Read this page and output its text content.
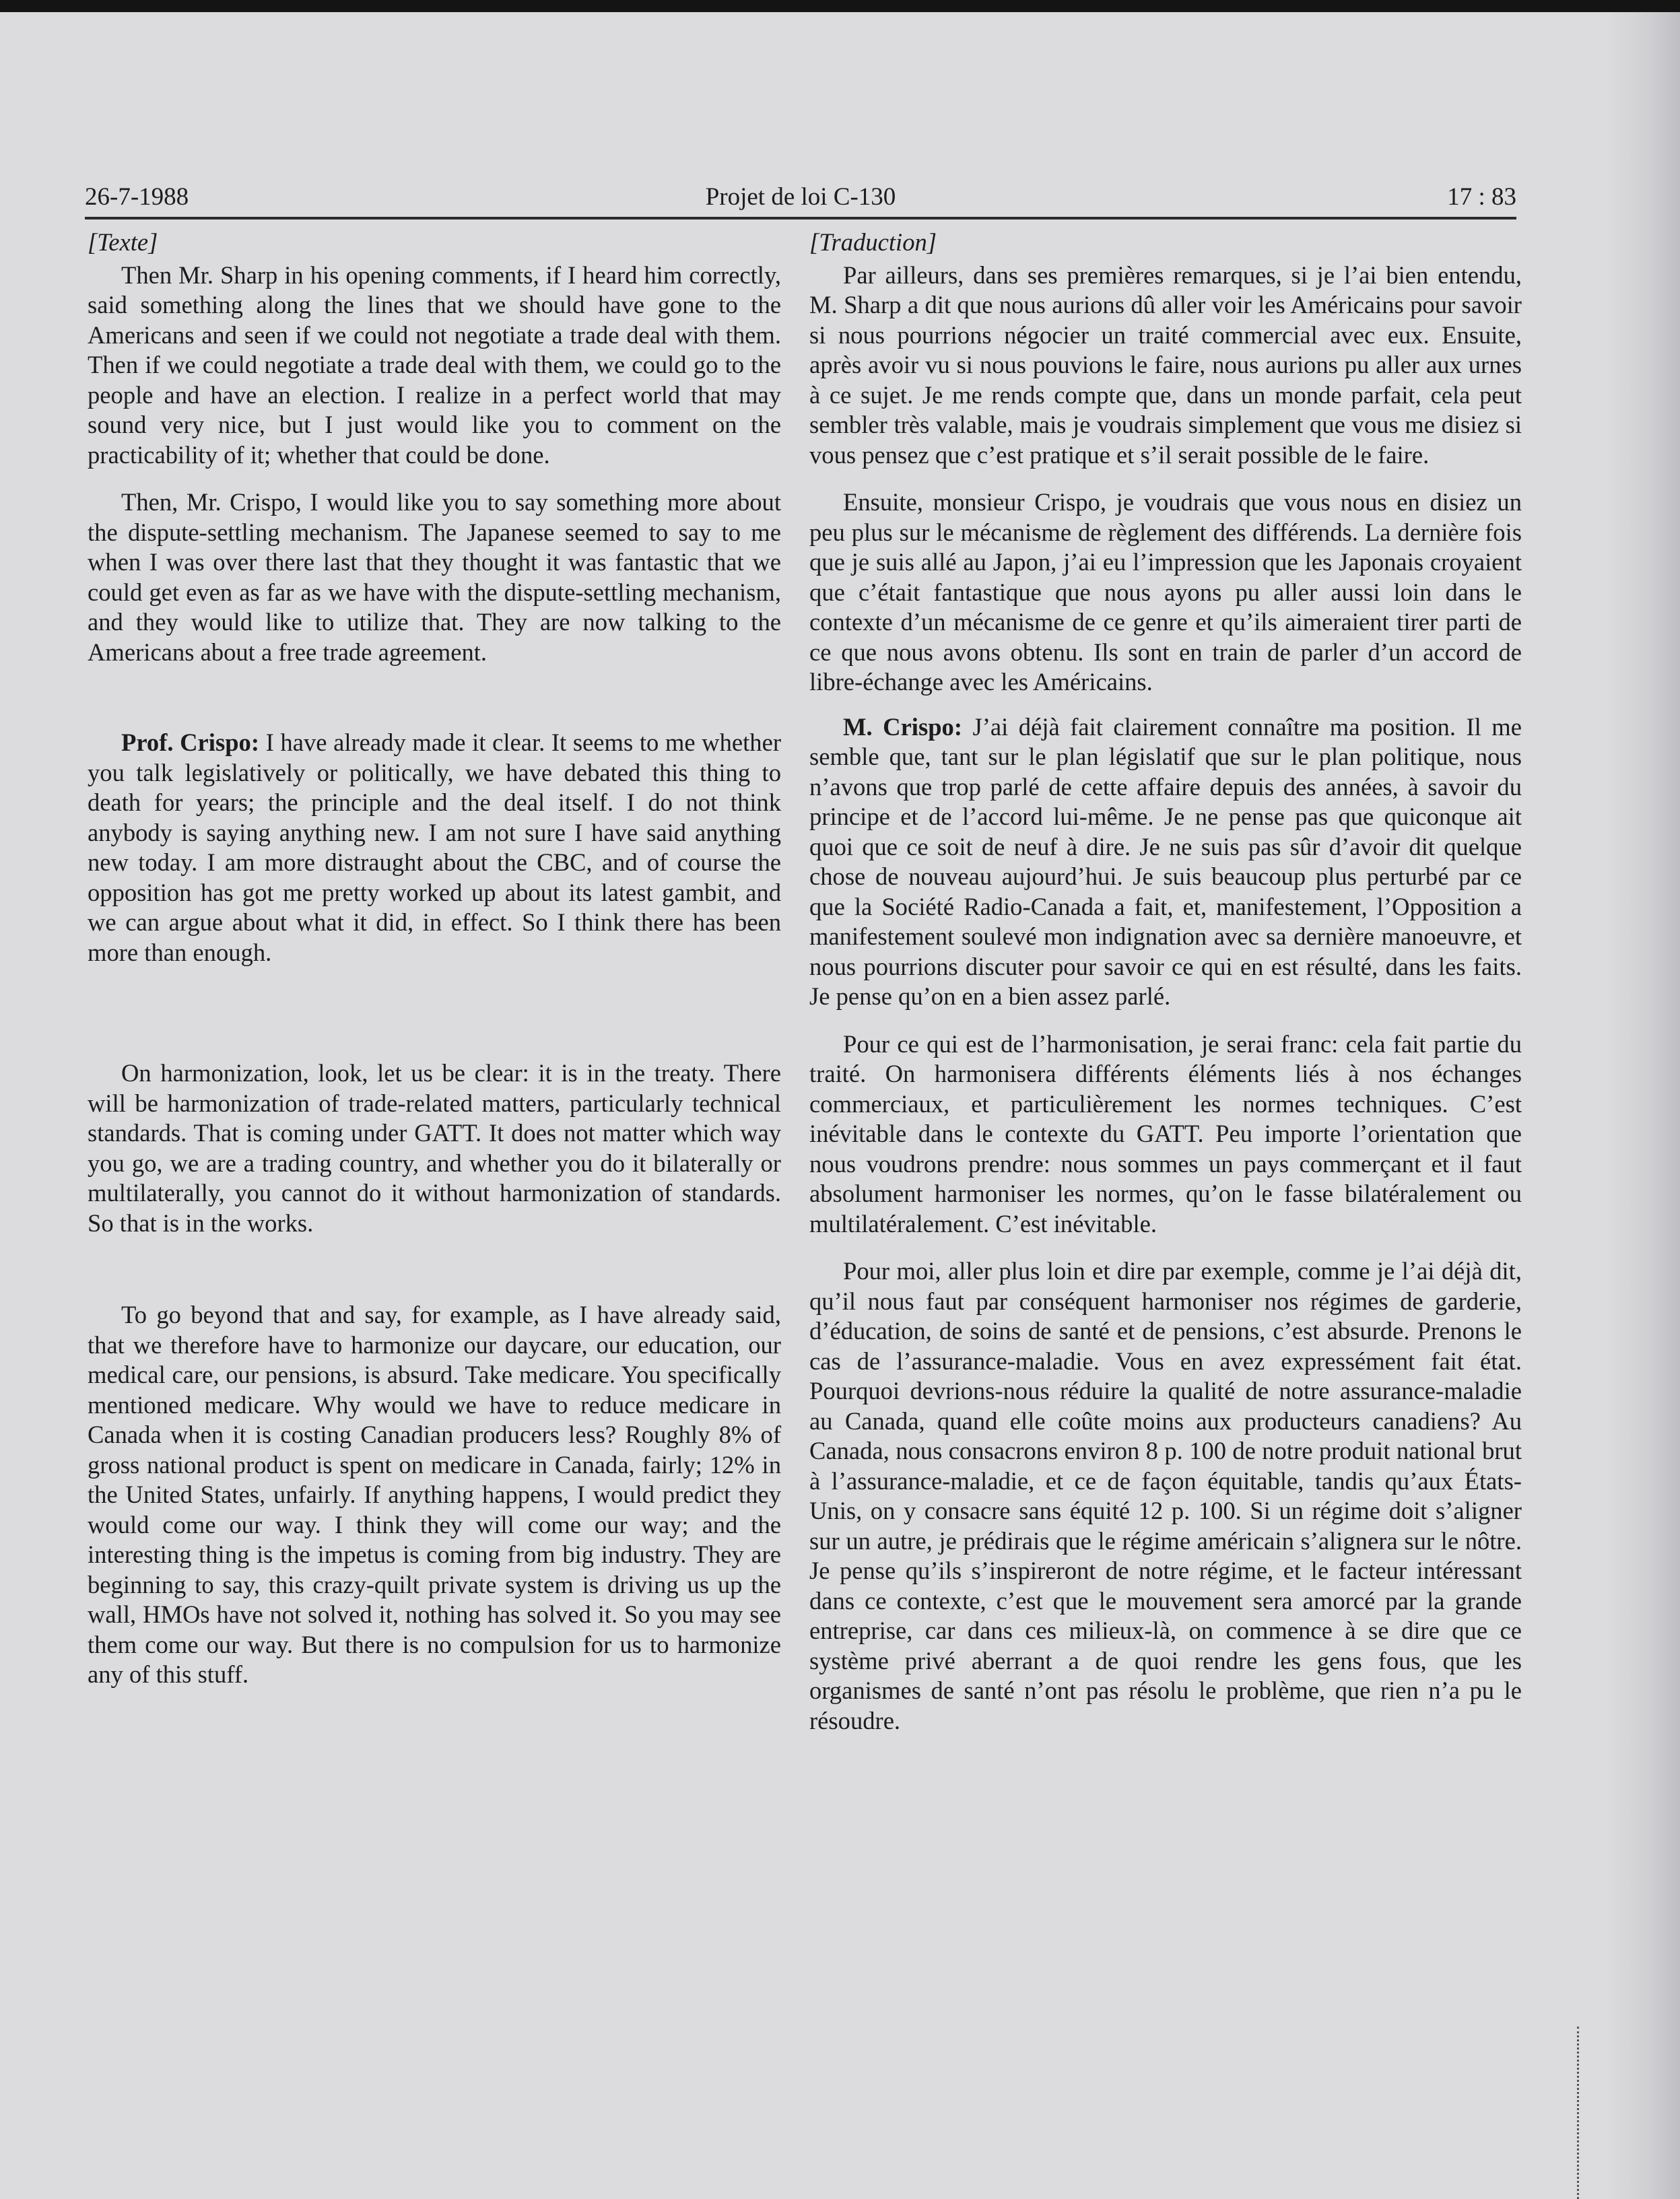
26-7-1988	Projet de loi C-130	17 : 83
[Texte]

Then Mr. Sharp in his opening comments, if I heard him correctly, said something along the lines that we should have gone to the Americans and seen if we could not negotiate a trade deal with them. Then if we could negotiate a trade deal with them, we could go to the people and have an election. I realize in a perfect world that may sound very nice, but I just would like you to comment on the practicability of it; whether that could be done.

Then, Mr. Crispo, I would like you to say something more about the dispute-settling mechanism. The Japanese seemed to say to me when I was over there last that they thought it was fantastic that we could get even as far as we have with the dispute-settling mechanism, and they would like to utilize that. They are now talking to the Americans about a free trade agreement.

Prof. Crispo: I have already made it clear. It seems to me whether you talk legislatively or politically, we have debated this thing to death for years; the principle and the deal itself. I do not think anybody is saying anything new. I am not sure I have said anything new today. I am more distraught about the CBC, and of course the opposition has got me pretty worked up about its latest gambit, and we can argue about what it did, in effect. So I think there has been more than enough.

On harmonization, look, let us be clear: it is in the treaty. There will be harmonization of trade-related matters, particularly technical standards. That is coming under GATT. It does not matter which way you go, we are a trading country, and whether you do it bilaterally or multilaterally, you cannot do it without harmonization of standards. So that is in the works.

To go beyond that and say, for example, as I have already said, that we therefore have to harmonize our daycare, our education, our medical care, our pensions, is absurd. Take medicare. You specifically mentioned medicare. Why would we have to reduce medicare in Canada when it is costing Canadian producers less? Roughly 8% of gross national product is spent on medicare in Canada, fairly; 12% in the United States, unfairly. If anything happens, I would predict they would come our way. I think they will come our way; and the interesting thing is the impetus is coming from big industry. They are beginning to say, this crazy-quilt private system is driving us up the wall, HMOs have not solved it, nothing has solved it. So you may see them come our way. But there is no compulsion for us to harmonize any of this stuff.

[Traduction]

Par ailleurs, dans ses premières remarques, si je l’ai bien entendu, M. Sharp a dit que nous aurions dû aller voir les Américains pour savoir si nous pourrions négocier un traité commercial avec eux. Ensuite, après avoir vu si nous pouvions le faire, nous aurions pu aller aux urnes à ce sujet. Je me rends compte que, dans un monde parfait, cela peut sembler très valable, mais je voudrais simplement que vous me disiez si vous pensez que c’est pratique et s’il serait possible de le faire.

Ensuite, monsieur Crispo, je voudrais que vous nous en disiez un peu plus sur le mécanisme de règlement des différends. La dernière fois que je suis allé au Japon, j’ai eu l’impression que les Japonais croyaient que c’était fantastique que nous ayons pu aller aussi loin dans le contexte d’un mécanisme de ce genre et qu’ils aimeraient tirer parti de ce que nous avons obtenu. Ils sont en train de parler d’un accord de libre-échange avec les Américains.

M. Crispo: J’ai déjà fait clairement connaître ma position. Il me semble que, tant sur le plan législatif que sur le plan politique, nous n’avons que trop parlé de cette affaire depuis des années, à savoir du principe et de l’accord lui-même. Je ne pense pas que quiconque ait quoi que ce soit de neuf à dire. Je ne suis pas sûr d’avoir dit quelque chose de nouveau aujourd’hui. Je suis beaucoup plus perturbé par ce que la Société Radio-Canada a fait, et, manifestement, l’Opposition a manifestement soulevé mon indignation avec sa dernière manoeuvre, et nous pourrions discuter pour savoir ce qui en est résulté, dans les faits. Je pense qu’on en a bien assez parlé.

Pour ce qui est de l’harmonisation, je serai franc: cela fait partie du traité. On harmonisera différents éléments liés à nos échanges commerciaux, et particulièrement les normes techniques. C’est inévitable dans le contexte du GATT. Peu importe l’orientation que nous voudrons prendre: nous sommes un pays commerçant et il faut absolument harmoniser les normes, qu’on le fasse bilatéralement ou multilatéralement. C’est inévitable.

Pour moi, aller plus loin et dire par exemple, comme je l’ai déjà dit, qu’il nous faut par conséquent harmoniser nos régimes de garderie, d’éducation, de soins de santé et de pensions, c’est absurde. Prenons le cas de l’assurance-maladie. Vous en avez expressément fait état. Pourquoi devrions-nous réduire la qualité de notre assurance-maladie au Canada, quand elle coûte moins aux producteurs canadiens? Au Canada, nous consacrons environ 8 p. 100 de notre produit national brut à l’assurance-maladie, et ce de façon équitable, tandis qu’aux États-Unis, on y consacre sans équité 12 p. 100. Si un régime doit s’aligner sur un autre, je prédirais que le régime américain s’alignera sur le nôtre. Je pense qu’ils s’inspireront de notre régime, et le facteur intéressant dans ce contexte, c’est que le mouvement sera amorcé par la grande entreprise, car dans ces milieux-là, on commence à se dire que ce système privé aberrant a de quoi rendre les gens fous, que les organismes de santé n’ont pas résolu le problème, que rien n’a pu le résoudre.
